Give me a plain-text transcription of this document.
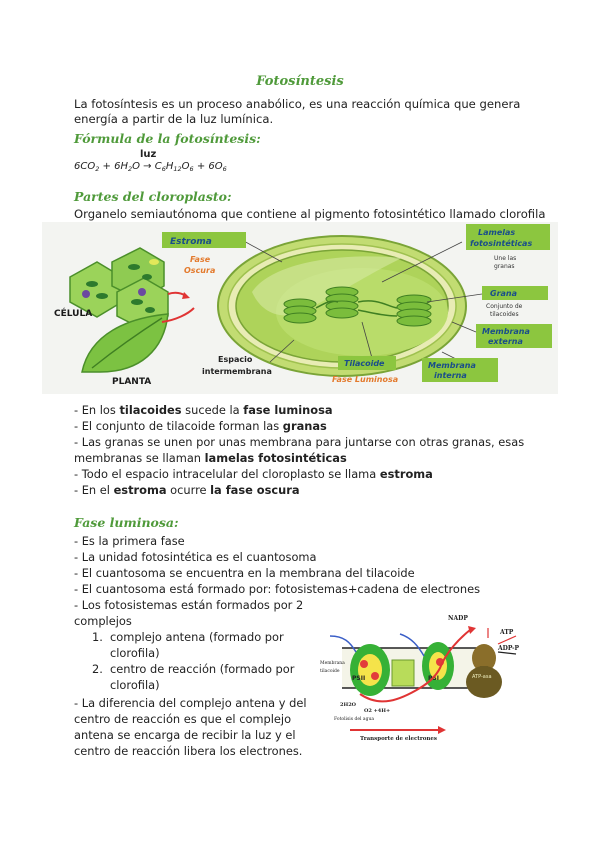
Fotosíntesis
La fotosíntesis es un proceso anabólico, es una reacción química que genera
energía a partir de la luz lumínica.
Fórmula de la fotosíntesis:
luz
$6CO_2 + 6H_2O \to C_6H_{12}O_6 + 6O_6$
Partes del cloroplasto:
Organelo semiautónoma que contiene al pigmento fotosintético llamado clorofila
CÉLULA
PLANTA
Estroma
Fase
Oscura
Lamelas
fotosintéticas
Une las
granas
Grana
Conjunto de
tilacoides
Membrana
externa
Membrana
interna
Tilacoide
Fase Luminosa
Espacio
intermembrana
- En los tilacoides sucede la fase luminosa
- El conjunto de tilacoide forman las granas
- Las granas se unen por unas membrana para juntarse con otras granas, esas
membranas se llaman lamelas fotosintéticas
- Todo el espacio intracelular del cloroplasto se llama estroma
- En el estroma ocurre la fase oscura
Fase luminosa:
- Es la primera fase
- La unidad fotosintética es el cuantosoma
- El cuantosoma se encuentra en la membrana del tilacoide
- El cuantosoma está formado por: fotosistemas+cadena de electrones
- Los fotosistemas están formados por 2
complejos
1. complejo antena (formado por
clorofila)
2. centro de reacción (formado por
clorofila)
- La diferencia del complejo antena y del
centro de reacción es que el complejo
antena se encarga de recibir la luz y el
centro de reacción libera los electrones.
PSII	PSI	ATP-asa
NADP
ATP
ADP-P
Membrana
tilacoide
2H2O
O2 +4H+
Fotolisis del agua
Transporte de electrones
